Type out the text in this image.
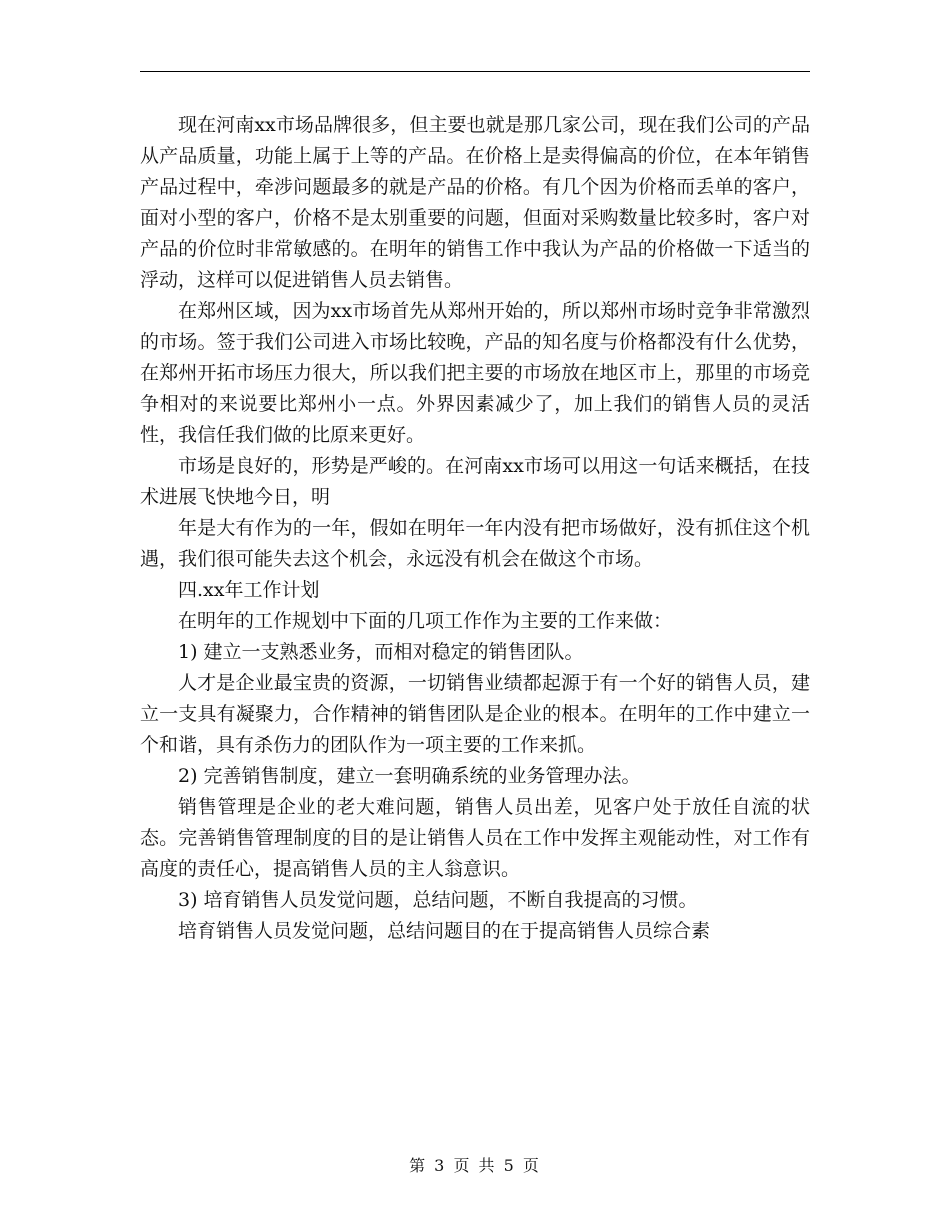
现在河南xx市场品牌很多，但主要也就是那几家公司，现在我们公司的产品从产品质量，功能上属于上等的产品。在价格上是卖得偏高的价位，在本年销售产品过程中，牵涉问题最多的就是产品的价格。有几个因为价格而丢单的客户，面对小型的客户，价格不是太别重要的问题，但面对采购数量比较多时，客户对产品的价位时非常敏感的。在明年的销售工作中我认为产品的价格做一下适当的浮动，这样可以促进销售人员去销售。

在郑州区域，因为xx市场首先从郑州开始的，所以郑州市场时竞争非常激烈的市场。签于我们公司进入市场比较晚，产品的知名度与价格都没有什么优势，在郑州开拓市场压力很大，所以我们把主要的市场放在地区市上，那里的市场竞争相对的来说要比郑州小一点。外界因素减少了，加上我们的销售人员的灵活性，我信任我们做的比原来更好。

市场是良好的，形势是严峻的。在河南xx市场可以用这一句话来概括，在技术进展飞快地今日，明

年是大有作为的一年，假如在明年一年内没有把市场做好，没有抓住这个机遇，我们很可能失去这个机会，永远没有机会在做这个市场。

四.xx年工作计划

在明年的工作规划中下面的几项工作作为主要的工作来做：

1) 建立一支熟悉业务，而相对稳定的销售团队。

人才是企业最宝贵的资源，一切销售业绩都起源于有一个好的销售人员，建立一支具有凝聚力，合作精神的销售团队是企业的根本。在明年的工作中建立一个和谐，具有杀伤力的团队作为一项主要的工作来抓。

2) 完善销售制度，建立一套明确系统的业务管理办法。

销售管理是企业的老大难问题，销售人员出差，见客户处于放任自流的状态。完善销售管理制度的目的是让销售人员在工作中发挥主观能动性，对工作有高度的责任心，提高销售人员的主人翁意识。

3) 培育销售人员发觉问题，总结问题，不断自我提高的习惯。

培育销售人员发觉问题，总结问题目的在于提高销售人员综合素

第 3 页 共 5 页
